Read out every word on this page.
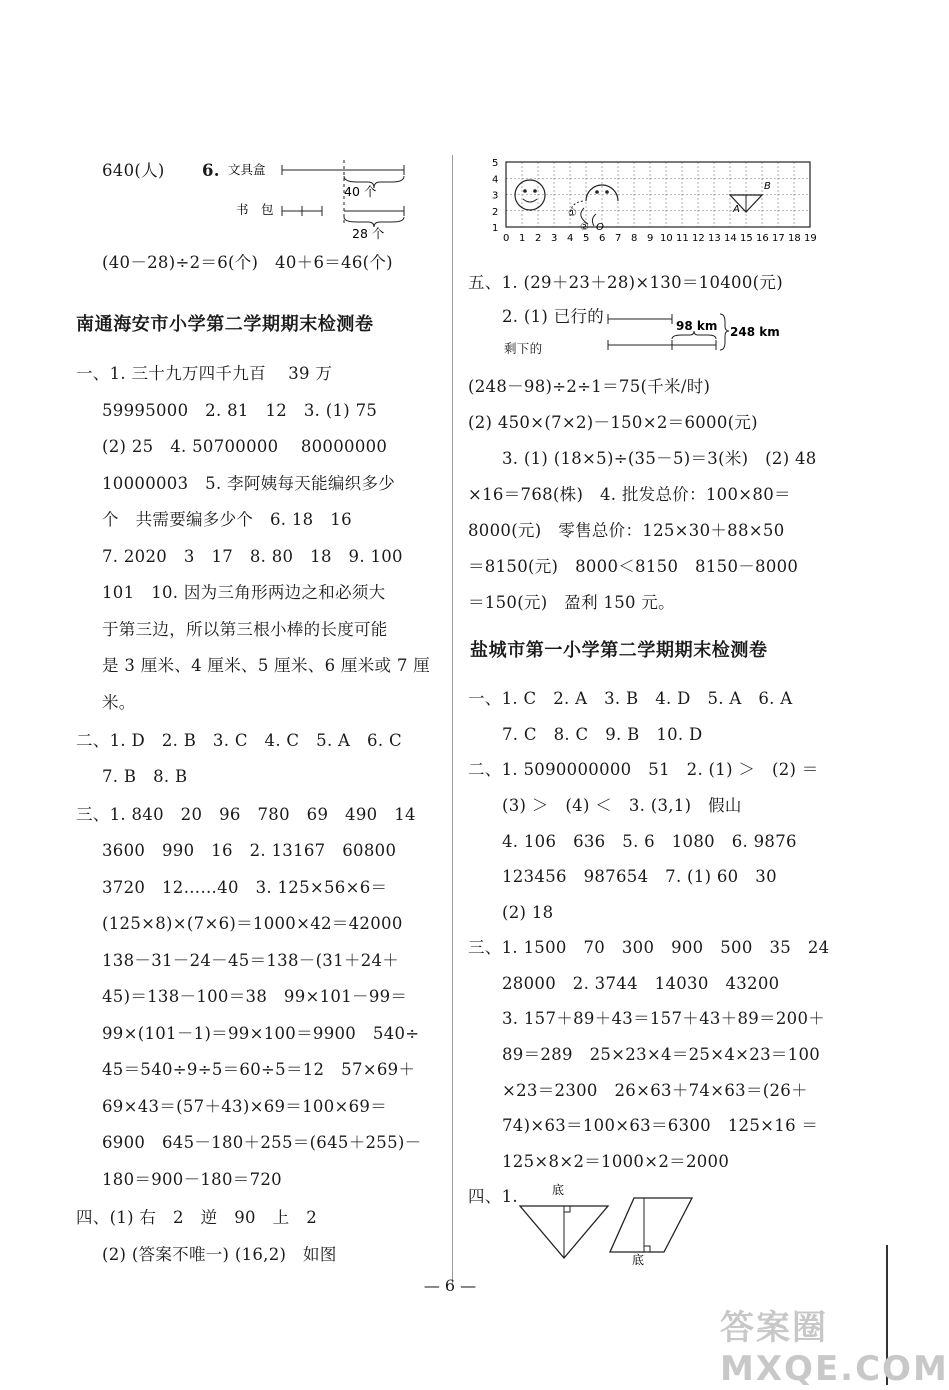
640(人) 6. 文具盒
书　包
40 个
28 个
(40－28)÷2＝6(个)　40＋6＝46(个)
南通海安市小学第二学期期末检测卷
一、1. 三十九万四千九百　 39 万
59995000　2. 81　12　3. (1) 75
(2) 25　4. 50700000　 80000000
10000003　5. 李阿姨每天能编织多少
个　共需要编多少个　6. 18　16
7. 2020　3　17　8. 80　18　9. 100
101　10. 因为三角形两边之和必须大
于第三边，所以第三根小棒的长度可能
是 3 厘米、4 厘米、5 厘米、6 厘米或 7 厘
米。
二、1. D　2. B　3. C　4. C　5. A　6. C
7. B　8. B
三、1. 840　20　96　780　69　490　14
3600　990　16　2. 13167　60800
3720　12……40　3. 125×56×6＝
(125×8)×(7×6)＝1000×42＝42000
138－31－24－45＝138－(31＋24＋
45)＝138－100＝38　99×101－99＝
99×(101－1)＝99×100＝9900　540÷
45＝540÷9÷5＝60÷5＝12　57×69＋
69×43＝(57＋43)×69＝100×69＝
6900　645－180＋255＝(645＋255)－
180＝900－180＝720
四、(1) 右　2　逆　90　上　2
(2) (答案不唯一) (16,2)　如图
5
4
3
2
1
0 1 2 3 4 5 6 7 8 9 10 11 12 13 14 15 16 17 18 19
①
② O
A
B
五、1. (29＋23＋28)×130＝10400(元)
2. (1) 已行的
剩下的
98 km 248 km
(248－98)÷2÷1＝75(千米/时)
(2) 450×(7×2)－150×2＝6000(元)
3. (1) (18×5)÷(35－5)＝3(米)　(2) 48
×16＝768(株)　4. 批发总价：100×80＝
8000(元)　零售总价：125×30＋88×50
＝8150(元)　8000＜8150　8150－8000
＝150(元)　盈利 150 元。
盐城市第一小学第二学期期末检测卷
一、1. C　2. A　3. B　4. D　5. A　6. A
7. C　8. C　9. B　10. D
二、1. 5090000000　51　2. (1) ＞　(2) ＝
(3) ＞　(4) ＜　3. (3,1)　假山
4. 106　636　5. 6　1080　6. 9876
123456　987654　7. (1) 60　30
(2) 18
三、1. 1500　70　300　900　500　35　24
28000　2. 3744　14030　43200
3. 157＋89＋43＝157＋43＋89＝200＋
89＝289　25×23×4＝25×4×23＝100
×23＝2300　26×63＋74×63＝(26＋
74)×63＝100×63＝6300　125×16 ＝
125×8×2＝1000×2＝2000
四、1.	底
底
— 6 —
答案圈 MXQE.COM
